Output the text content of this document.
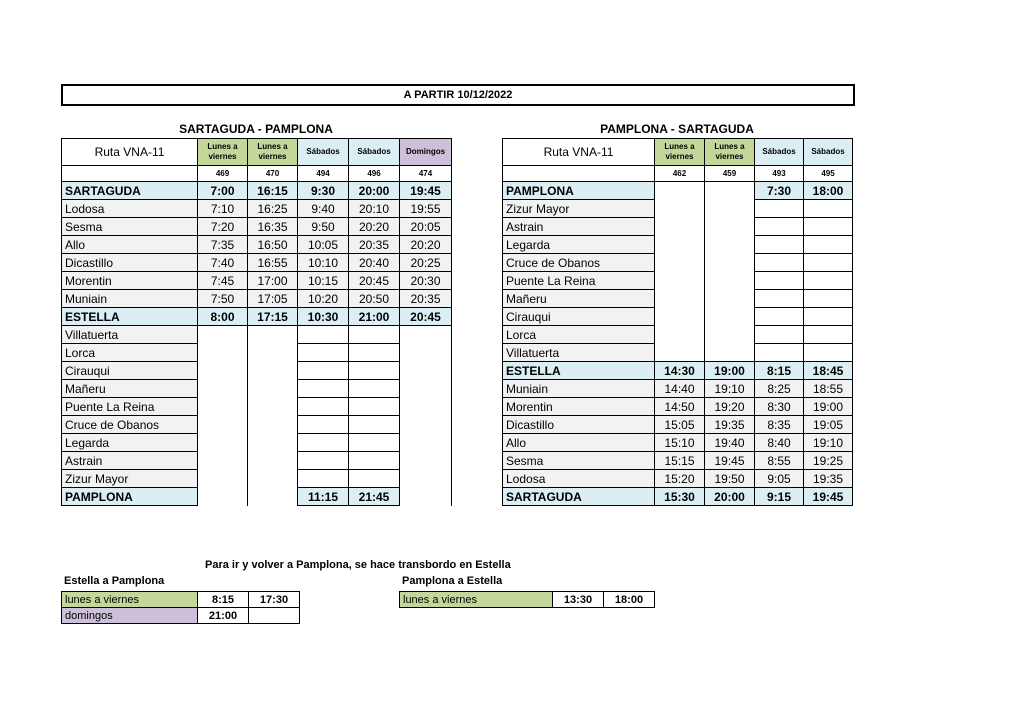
A PARTIR 10/12/2022
SARTAGUDA - PAMPLONA
Ruta VNA-11	Lunes a viernes	Lunes a viernes	Sábados	Sábados	Domingos
	469	470	494	496	474
SARTAGUDA	7:00	16:15	9:30	20:00	19:45
Lodosa	7:10	16:25	9:40	20:10	19:55
Sesma	7:20	16:35	9:50	20:20	20:05
Allo	7:35	16:50	10:05	20:35	20:20
Dicastillo	7:40	16:55	10:10	20:40	20:25
Morentin	7:45	17:00	10:15	20:45	20:30
Muniain	7:50	17:05	10:20	20:50	20:35
ESTELLA	8:00	17:15	10:30	21:00	20:45
Villatuerta					
Lorca					
Cirauqui					
Mañeru					
Puente La Reina					
Cruce de Obanos					
Legarda					
Astrain					
Zizur Mayor					
PAMPLONA			11:15	21:45	
PAMPLONA - SARTAGUDA
Ruta VNA-11	Lunes a viernes	Lunes a viernes	Sábados	Sábados
	462	459	493	495
PAMPLONA			7:30	18:00
Zizur Mayor				
Astrain				
Legarda				
Cruce de Obanos				
Puente La Reina				
Mañeru				
Cirauqui				
Lorca				
Villatuerta				
ESTELLA	14:30	19:00	8:15	18:45
Muniain	14:40	19:10	8:25	18:55
Morentin	14:50	19:20	8:30	19:00
Dicastillo	15:05	19:35	8:35	19:05
Allo	15:10	19:40	8:40	19:10
Sesma	15:15	19:45	8:55	19:25
Lodosa	15:20	19:50	9:05	19:35
SARTAGUDA	15:30	20:00	9:15	19:45
Para ir y volver a Pamplona, se hace transbordo en Estella
Estella a Pamplona	Pamplona a Estella
lunes a viernes	8:15	17:30
domingos	21:00	
lunes a viernes	13:30	18:00
